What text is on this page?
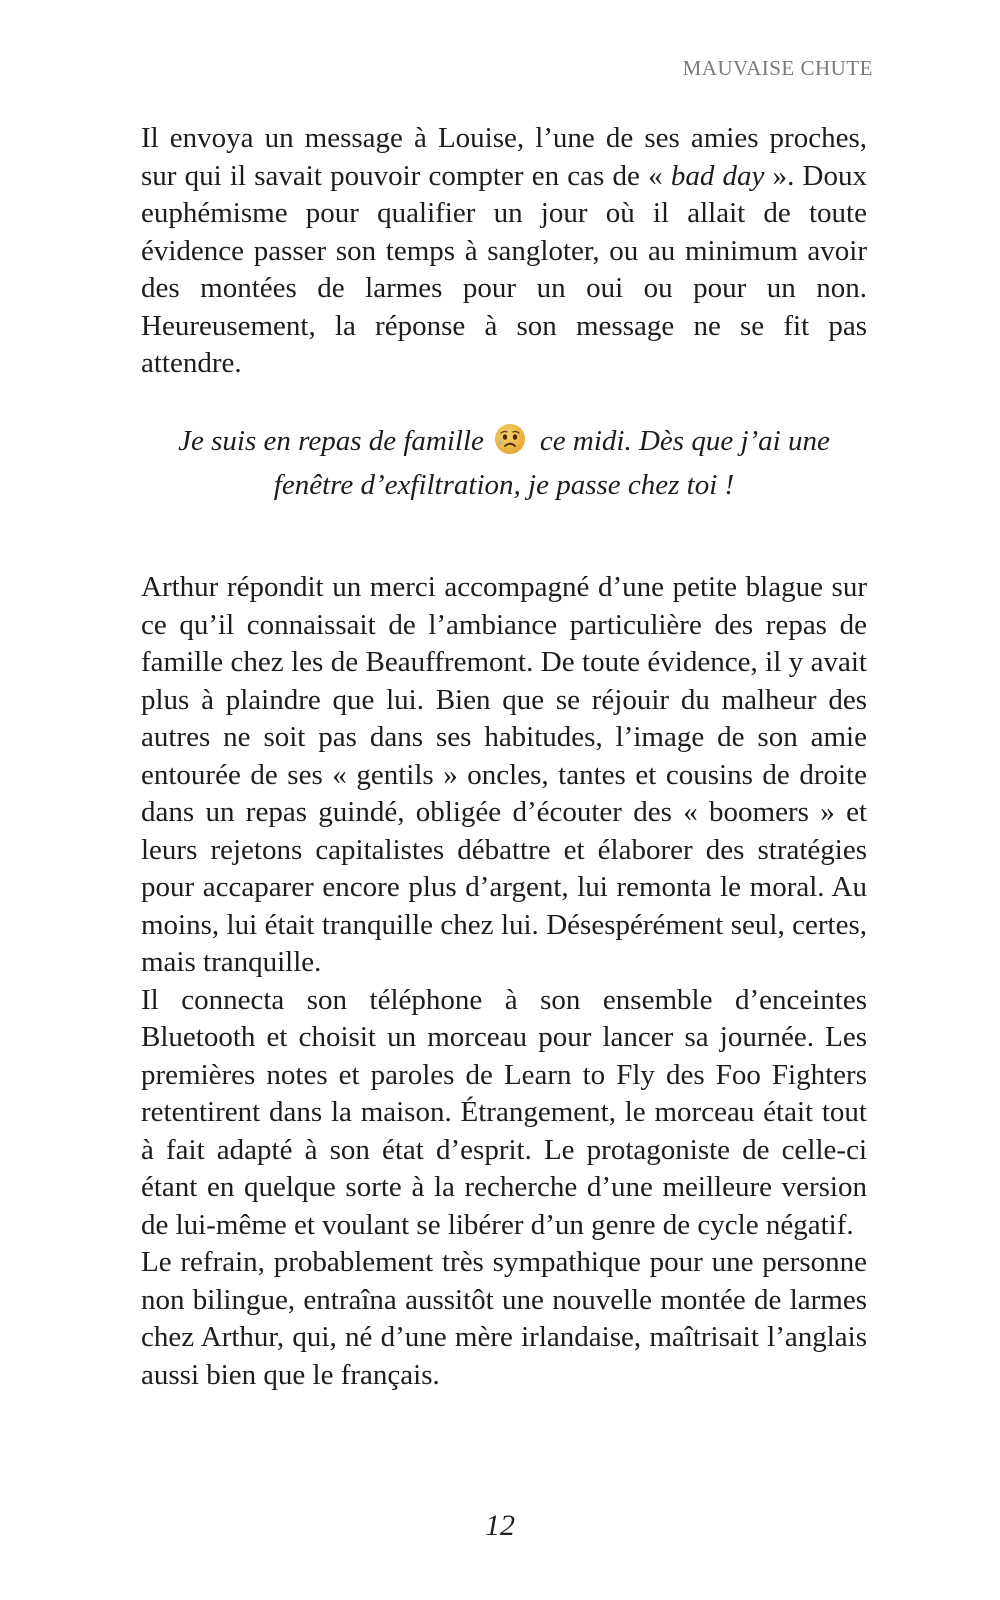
MAUVAISE CHUTE

Il envoya un message à Louise, l’une de ses amies proches, sur qui il savait pouvoir compter en cas de « bad day ». Doux euphémisme pour qualifier un jour où il allait de toute évidence passer son temps à sangloter, ou au minimum avoir des montées de larmes pour un oui ou pour un non. Heureusement, la réponse à son message ne se fit pas attendre.

Je suis en repas de famille ce midi. Dès que j’ai une

fenêtre d’exfiltration, je passe chez toi !

Arthur répondit un merci accompagné d’une petite blague sur ce qu’il connaissait de l’ambiance particulière des repas de famille chez les de Beauffremont. De toute évidence, il y avait plus à plaindre que lui. Bien que se réjouir du malheur des autres ne soit pas dans ses habitudes, l’image de son amie entourée de ses « gentils » oncles, tantes et cousins de droite dans un repas guindé, obligée d’écouter des « boomers » et leurs rejetons capitalistes débattre et élaborer des stratégies pour accaparer encore plus d’argent, lui remonta le moral. Au moins, lui était tranquille chez lui. Désespérément seul, certes, mais tranquille.

Il connecta son téléphone à son ensemble d’enceintes Bluetooth et choisit un morceau pour lancer sa journée. Les premières notes et paroles de Learn to Fly des Foo Fighters retentirent dans la maison. Étrangement, le morceau était tout à fait adapté à son état d’esprit. Le protagoniste de celle-ci étant en quelque sorte à la recherche d’une meilleure version de lui-même et voulant se libérer d’un genre de cycle négatif.

Le refrain, probablement très sympathique pour une personne non bilingue, entraîna aussitôt une nouvelle montée de larmes chez Arthur, qui, né d’une mère irlandaise, maîtrisait l’anglais aussi bien que le français.

12
